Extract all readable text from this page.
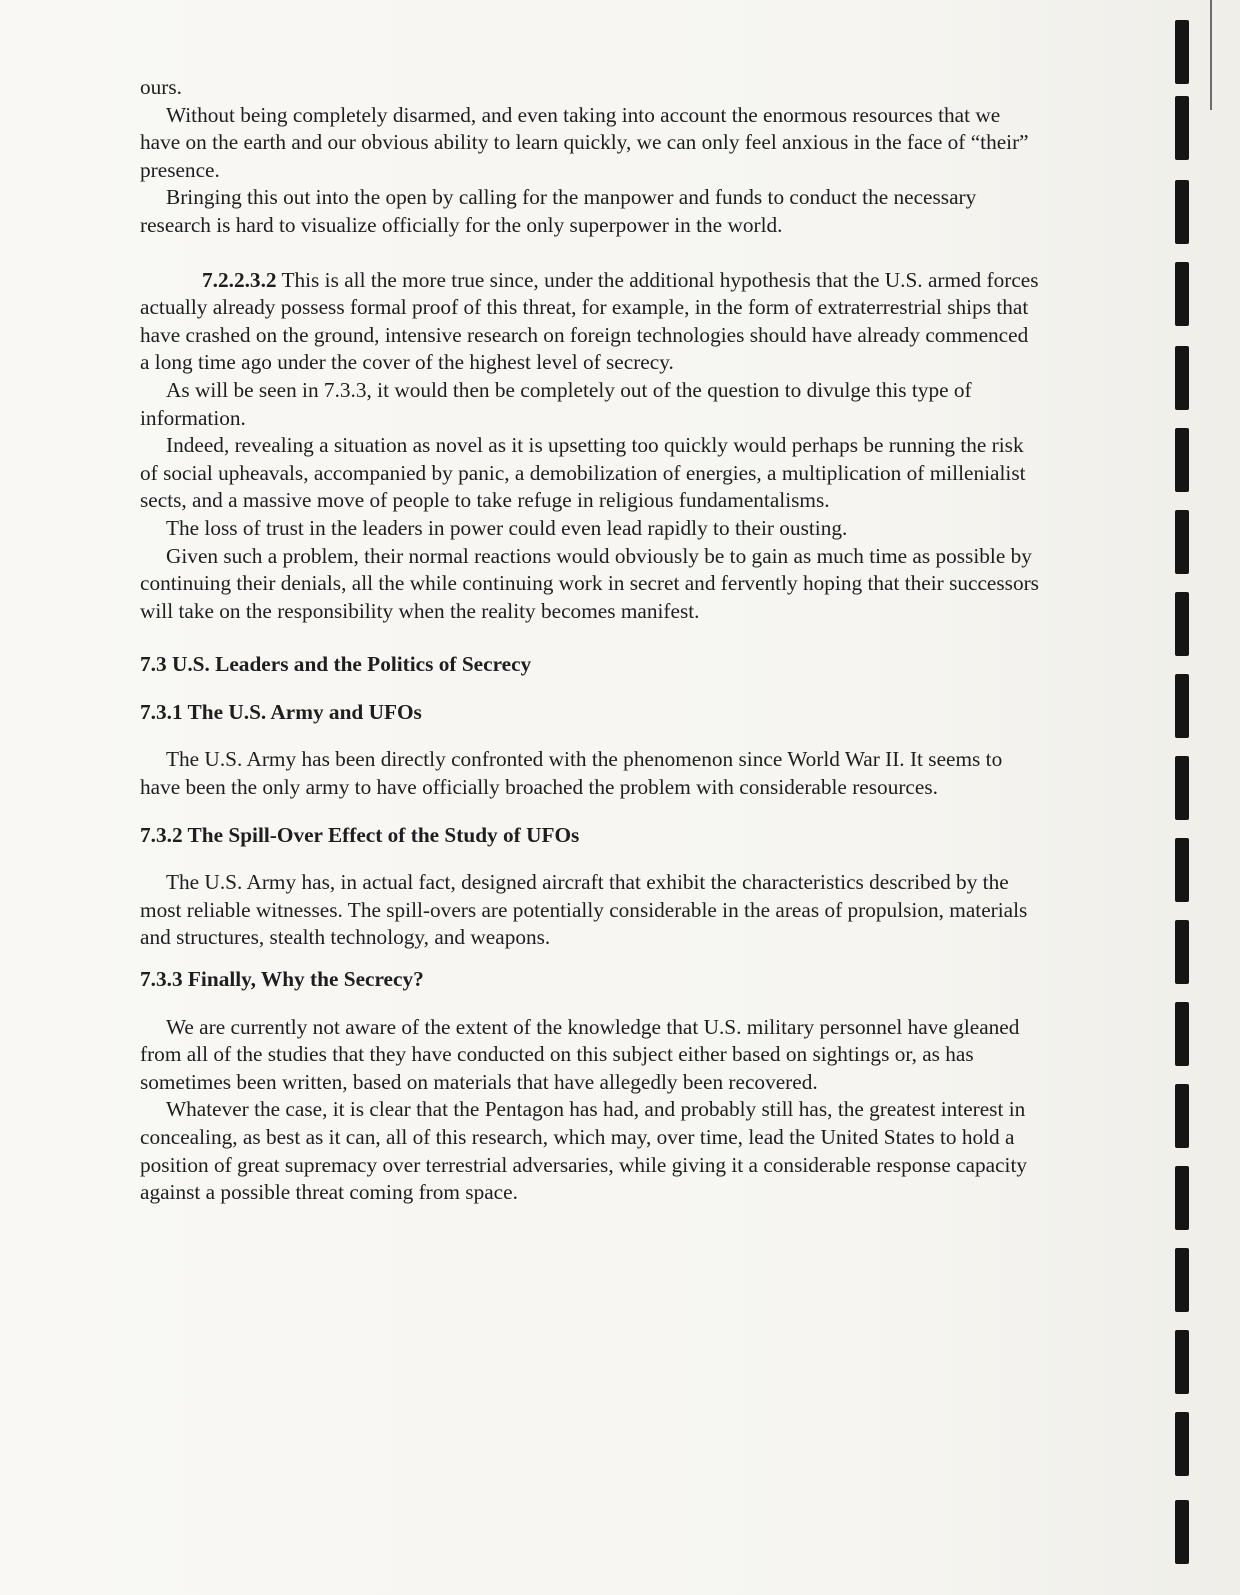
ours.

Without being completely disarmed, and even taking into account the enormous resources that we have on the earth and our obvious ability to learn quickly, we can only feel anxious in the face of “their” presence.

Bringing this out into the open by calling for the manpower and funds to conduct the necessary research is hard to visualize officially for the only superpower in the world.

7.2.2.3.2 This is all the more true since, under the additional hypothesis that the U.S. armed forces actually already possess formal proof of this threat, for example, in the form of extraterrestrial ships that have crashed on the ground, intensive research on foreign technologies should have already commenced a long time ago under the cover of the highest level of secrecy.

As will be seen in 7.3.3, it would then be completely out of the question to divulge this type of information.

Indeed, revealing a situation as novel as it is upsetting too quickly would perhaps be running the risk of social upheavals, accompanied by panic, a demobilization of energies, a multiplication of millenialist sects, and a massive move of people to take refuge in religious fundamentalisms.

The loss of trust in the leaders in power could even lead rapidly to their ousting.

Given such a problem, their normal reactions would obviously be to gain as much time as possible by continuing their denials, all the while continuing work in secret and fervently hoping that their successors will take on the responsibility when the reality becomes manifest.

7.3 U.S. Leaders and the Politics of Secrecy
7.3.1 The U.S. Army and UFOs

The U.S. Army has been directly confronted with the phenomenon since World War II. It seems to have been the only army to have officially broached the problem with considerable resources.

7.3.2 The Spill-Over Effect of the Study of UFOs

The U.S. Army has, in actual fact, designed aircraft that exhibit the characteristics described by the most reliable witnesses. The spill-overs are potentially considerable in the areas of propulsion, materials and structures, stealth technology, and weapons.

7.3.3 Finally, Why the Secrecy?

We are currently not aware of the extent of the knowledge that U.S. military personnel have gleaned from all of the studies that they have conducted on this subject either based on sightings or, as has sometimes been written, based on materials that have allegedly been recovered.

Whatever the case, it is clear that the Pentagon has had, and probably still has, the greatest interest in concealing, as best as it can, all of this research, which may, over time, lead the United States to hold a position of great supremacy over terrestrial adversaries, while giving it a considerable response capacity against a possible threat coming from space.
